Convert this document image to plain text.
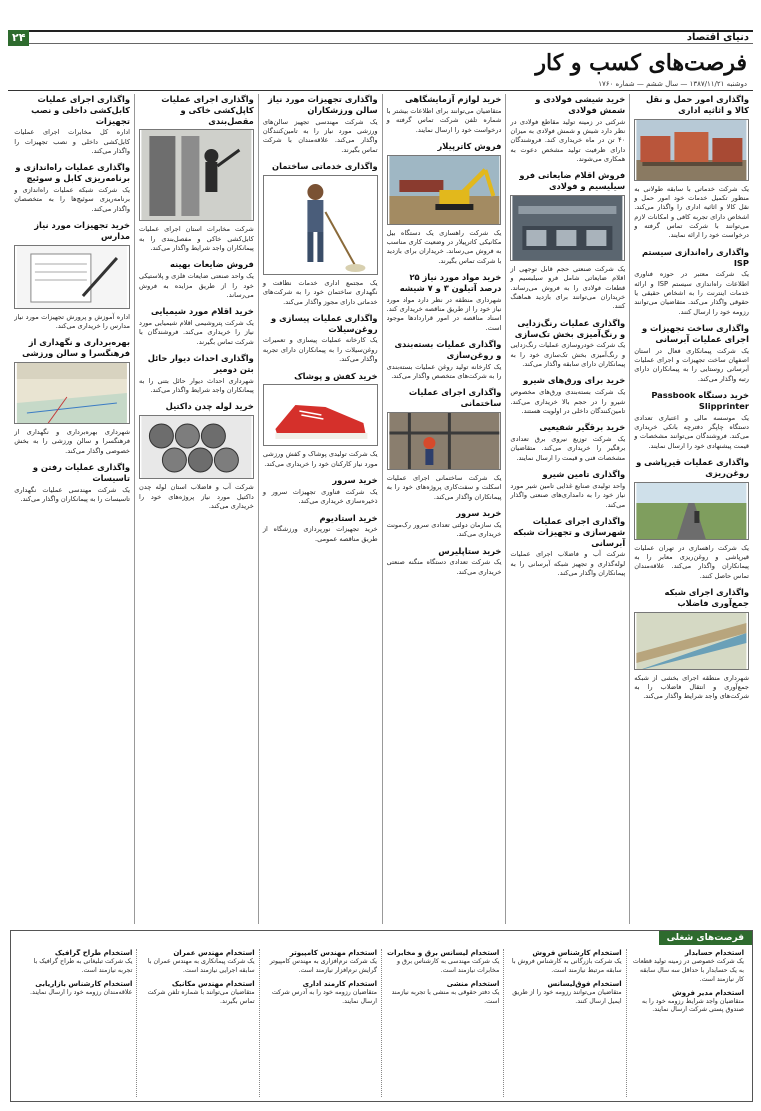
دنیای اقتصاد
۲۴
فرصت‌های کسب و کار
دوشنبه ۱۳۸۷/۱۱/۲۱ — سال ششم — شماره ۱۷۶۰
واگذاری امور حمل و نقل کالا و اثاثیه اداری

یک شرکت خدماتی با سابقه طولانی به منظور تکمیل خدمات خود امور حمل و نقل کالا و اثاثیه اداری را واگذار می‌کند. اشخاص دارای تجربه کافی و امکانات لازم می‌توانند با شرکت تماس گرفته و درخواست خود را ارائه نمایند.

واگذاری راه‌اندازی سیستم ISP

یک شرکت معتبر در حوزه فناوری اطلاعات راه‌اندازی سیستم ISP و ارائه خدمات اینترنت را به اشخاص حقیقی یا حقوقی واگذار می‌کند. متقاضیان می‌توانند رزومه خود را ارسال کنند.

واگذاری ساخت تجهیزات و اجرای عملیات آبرسانی

یک شرکت پیمانکاری فعال در استان اصفهان ساخت تجهیزات و اجرای عملیات آبرسانی روستایی را به پیمانکاران دارای رتبه واگذار می‌کند.

خرید دستگاه Passbook Slipprinter

یک موسسه مالی و اعتباری تعدادی دستگاه چاپگر دفترچه بانکی خریداری می‌کند. فروشندگان می‌توانند مشخصات و قیمت پیشنهادی خود را ارسال نمایند.

واگذاری عملیات قیرپاشی و روغن‌ریزی

یک شرکت راهسازی در تهران عملیات قیرپاشی و روغن‌ریزی معابر را به پیمانکاران واگذار می‌کند. علاقه‌مندان تماس حاصل کنند.

واگذاری اجرای شبکه جمع‌آوری فاضلاب

شهرداری منطقه اجرای بخشی از شبکه جمع‌آوری و انتقال فاضلاب را به شرکت‌های واجد شرایط واگذار می‌کند.

خرید شیشی فولادی و شمش فولادی

شرکتی در زمینه تولید مقاطع فولادی در نظر دارد شیش و شمش فولادی به میزان ۴۰ تن در ماه خریداری کند. فروشندگان دارای ظرفیت تولید مشخص دعوت به همکاری می‌شوند.

فروش اقلام ضایعاتی فرو سیلیسیم و فولادی

یک شرکت صنعتی حجم قابل توجهی از اقلام ضایعاتی شامل فرو سیلیسیم و قطعات فولادی را به فروش می‌رساند. خریداران می‌توانند برای بازدید هماهنگ کنند.

واگذاری عملیات رنگ‌زدایی و رنگ‌آمیزی بخش تک‌سازی

یک شرکت خودروسازی عملیات رنگ‌زدایی و رنگ‌آمیزی بخش تک‌سازی خود را به پیمانکاران دارای سابقه واگذار می‌کند.

خرید برای ورق‌های شیرو

یک شرکت بسته‌بندی ورق‌های مخصوص شیرو را در حجم بالا خریداری می‌کند. تامین‌کنندگان داخلی در اولویت هستند.

خرید برقگیر شفیعیی

یک شرکت توزیع نیروی برق تعدادی برقگیر را خریداری می‌کند. متقاضیان مشخصات فنی و قیمت را ارسال نمایند.

واگذاری تامین شیرو

واحد تولیدی صنایع غذایی تامین شیر مورد نیاز خود را به دامداری‌های صنعتی واگذار می‌کند.

واگذاری اجرای عملیات شهرسازی و تجهیزات شبکه آبرسانی

شرکت آب و فاضلاب اجرای عملیات لوله‌گذاری و تجهیز شبکه آبرسانی را به پیمانکاران واگذار می‌کند.

خرید لوازم آزمایشگاهی

متقاضیان می‌توانند برای اطلاعات بیشتر با شماره تلفن شرکت تماس گرفته و درخواست خود را ارسال نمایند.

فروش کاترپیلار

یک شرکت راهسازی یک دستگاه بیل مکانیکی کاترپیلار در وضعیت کاری مناسب به فروش می‌رساند. خریداران برای بازدید با شرکت تماس بگیرند.

خرید مواد مورد نیاز ۲۵ درصد آتیلون ۳ و ۷ شیشه

شهرداری منطقه در نظر دارد مواد مورد نیاز خود را از طریق مناقصه خریداری کند. اسناد مناقصه در امور قراردادها موجود است.

واگذاری عملیات بسته‌بندی و روغن‌سازی

یک کارخانه تولید روغن عملیات بسته‌بندی را به شرکت‌های متخصص واگذار می‌کند.

واگذاری اجرای عملیات ساختمانی

یک شرکت ساختمانی اجرای عملیات اسکلت و سفت‌کاری پروژه‌های خود را به پیمانکاران واگذار می‌کند.

خرید سرور

یک سازمان دولتی تعدادی سرور رک‌مونت خریداری می‌کند.

خرید ستاپلیرس

یک شرکت تعدادی دستگاه منگنه صنعتی خریداری می‌کند.

واگذاری تجهیزات مورد نیاز سالن ورزشکاران

یک شرکت مهندسی تجهیز سالن‌های ورزشی مورد نیاز را به تامین‌کنندگان واگذار می‌کند. علاقه‌مندان با شرکت تماس بگیرند.

واگذاری خدماتی ساختمان

یک مجتمع اداری خدمات نظافت و نگهداری ساختمان خود را به شرکت‌های خدماتی دارای مجوز واگذار می‌کند.

واگذاری عملیات پیسازی و روغن‌سیلات

یک کارخانه عملیات پیسازی و تعمیرات روغن‌سیلات را به پیمانکاران دارای تجربه واگذار می‌کند.

خرید کفش و پوشاک

یک شرکت تولیدی پوشاک و کفش ورزشی مورد نیاز کارکنان خود را خریداری می‌کند.

خرید سرور

یک شرکت فناوری تجهیزات سرور و ذخیره‌سازی خریداری می‌کند.

خرید استادیوم

خرید تجهیزات نورپردازی ورزشگاه از طریق مناقصه عمومی.

واگذاری اجرای عملیات کاپل‌کشی خاکی و مقصل‌بندی

شرکت مخابرات استان اجرای عملیات کابل‌کشی خاکی و مفصل‌بندی را به پیمانکاران واجد شرایط واگذار می‌کند.

فروش ضایعات بهینه

یک واحد صنعتی ضایعات فلزی و پلاستیکی خود را از طریق مزایده به فروش می‌رساند.

خرید اقلام مورد شیمیایی

یک شرکت پتروشیمی اقلام شیمیایی مورد نیاز را خریداری می‌کند. فروشندگان با شرکت تماس بگیرند.

واگذاری احداث دیوار حائل بتن دومیر

شهرداری احداث دیوار حائل بتنی را به پیمانکاران واجد شرایط واگذار می‌کند.

خرید لوله چدن داکتیل

شرکت آب و فاضلاب استان لوله چدن داکتیل مورد نیاز پروژه‌های خود را خریداری می‌کند.

واگذاری اجرای عملیات کابل‌کشی داخلی و نصب تجهیزات

اداره کل مخابرات اجرای عملیات کابل‌کشی داخلی و نصب تجهیزات را واگذار می‌کند.

واگذاری عملیات راه‌اندازی و برنامه‌ریزی کابل و سوئیچ

یک شرکت شبکه عملیات راه‌اندازی و برنامه‌ریزی سوئیچ‌ها را به متخصصان واگذار می‌کند.

خرید تجهیزات مورد نیاز مدارس

اداره آموزش و پرورش تجهیزات مورد نیاز مدارس را خریداری می‌کند.

بهره‌برداری و نگهداری از فرهنگسرا و سالن ورزشی

شهرداری بهره‌برداری و نگهداری از فرهنگسرا و سالن ورزشی را به بخش خصوصی واگذار می‌کند.

واگذاری عملیات رفتن و تاسیسات

یک شرکت مهندسی عملیات نگهداری تاسیسات را به پیمانکاران واگذار می‌کند.

فرصت‌های شغلی
استخدام حسابدار

یک شرکت خصوصی در زمینه تولید قطعات به یک حسابدار با حداقل سه سال سابقه کار نیازمند است.

استخدام مدیر فروش

متقاضیان واجد شرایط رزومه خود را به صندوق پستی شرکت ارسال نمایند.

استخدام کارشناس فروش

یک شرکت بازرگانی به کارشناس فروش با سابقه مرتبط نیازمند است.

استخدام فوق‌لیسانس

متقاضیان می‌توانند رزومه خود را از طریق ایمیل ارسال کنند.

استخدام لیسانس برق و مخابرات

یک شرکت مهندسی به کارشناس برق و مخابرات نیازمند است.

استخدام منشی

یک دفتر حقوقی به منشی با تجربه نیازمند است.

استخدام مهندس کامپیوتر

یک شرکت نرم‌افزاری به مهندس کامپیوتر گرایش نرم‌افزار نیازمند است.

استخدام کارمند اداری

متقاضیان رزومه خود را به آدرس شرکت ارسال نمایند.

استخدام مهندس عمران

یک شرکت پیمانکاری به مهندس عمران با سابقه اجرایی نیازمند است.

استخدام مهندس مکانیک

متقاضیان می‌توانند با شماره تلفن شرکت تماس بگیرند.

استخدام طراح گرافیک

یک شرکت تبلیغاتی به طراح گرافیک با تجربه نیازمند است.

استخدام کارشناس بازاریابی

علاقه‌مندان رزومه خود را ارسال نمایند.
